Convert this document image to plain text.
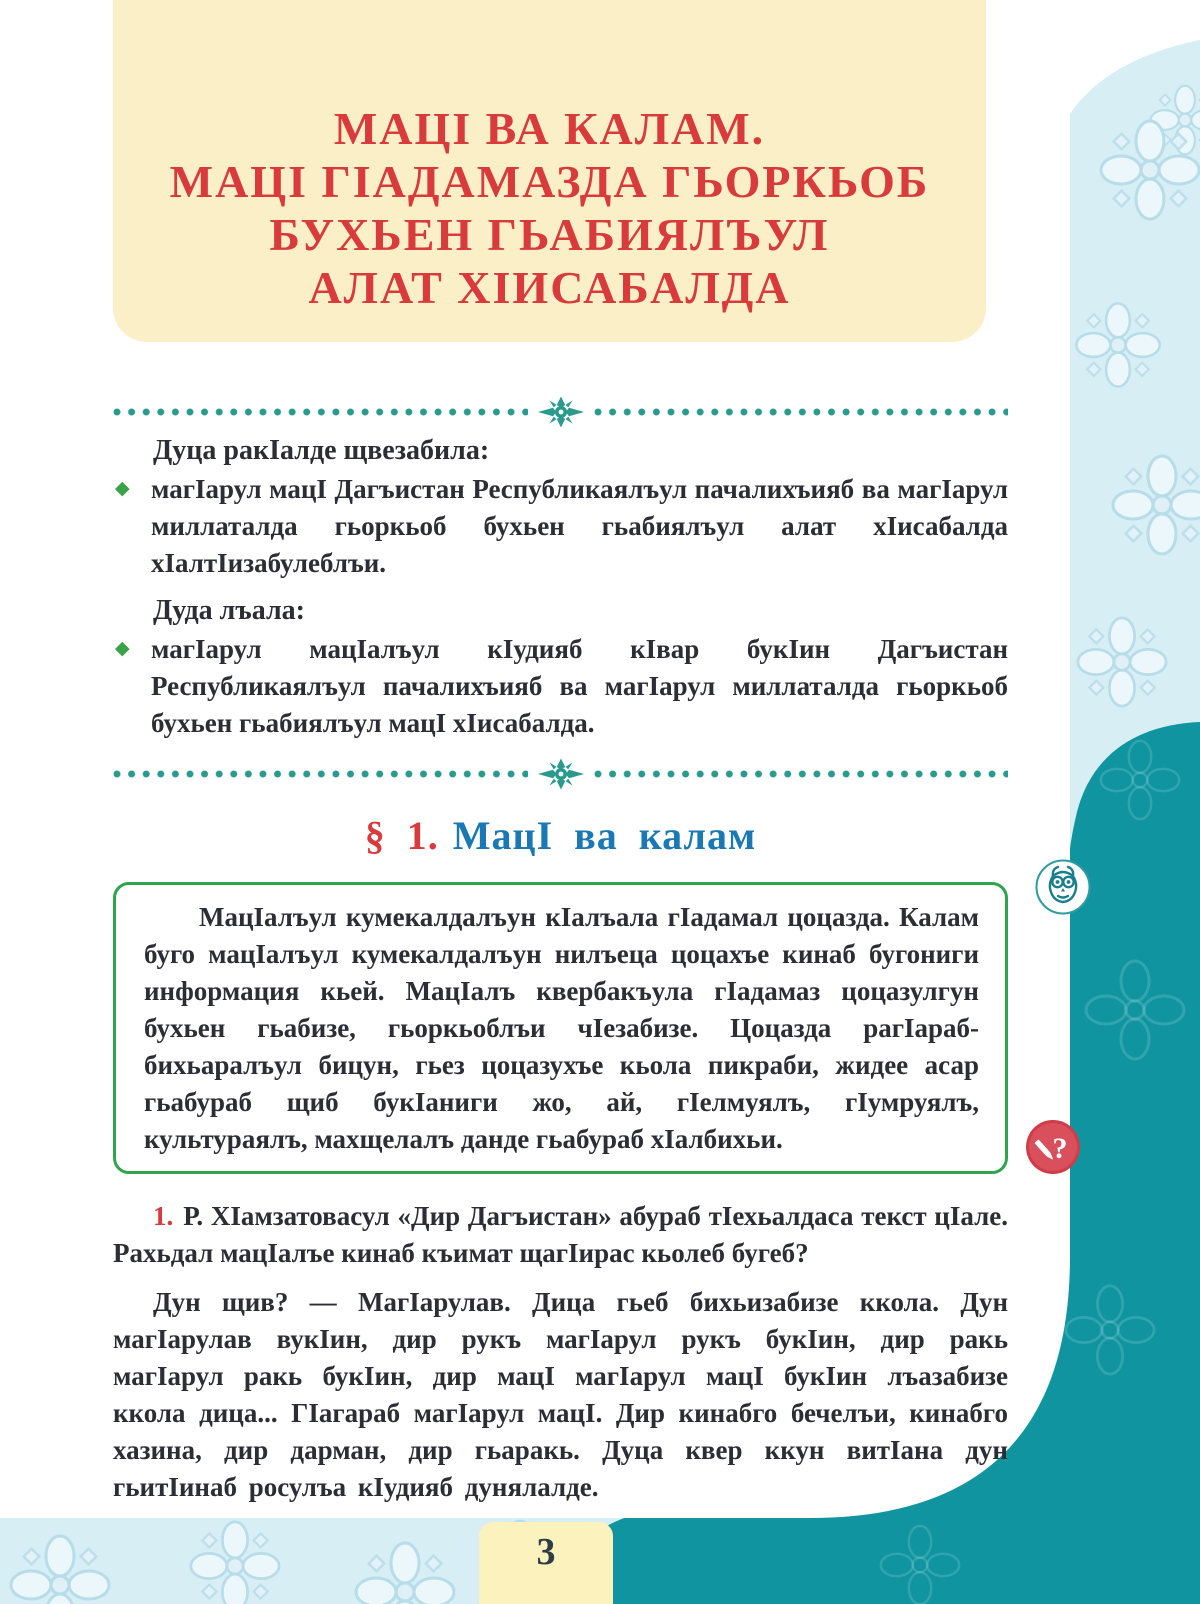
МАЦI ВА КАЛАМ.
МАЦI ГIАДАМАЗДА ГЬОРКЬОБ
БУХЬЕН ГЬАБИЯЛЪУЛ
АЛАТ ХIИСАБАЛДА
Дуца ракIалде щвезабила:
◆ магIарул мацI Дагъистан Республикаялъул пачалихъияб ва магIарул миллаталда гьоркьоб бухьен гьабиялъул алат хIисабалда хIалтIизабулеблъи.

Дуда лъала:
◆ магIарул мацIалъул кIудияб кIвар букIин Дагъистан Республикаялъул пачалихъияб ва магIарул миллаталда гьоркьоб бухьен гьабиялъул мацI хIисабалда.

§ 1. МацI ва калам

МацIалъул кумекалдалъун кIалъала гIадамал цоцазда. Калам буго мацIалъул кумекалдалъун нилъеца цоцахъе кинаб бугониги информация кьей. МацIалъ квербакъула гIадамаз цоцазулгун бухьен гьабизе, гьоркьоблъи чIезабизе. Цоцазда рагIараб-бихьаралъул бицун, гьез цоцазухъе кьола пикраби, жидее асар гьабураб щиб букIаниги жо, ай, гIелмуялъ, гIумруялъ, культураялъ, махщелалъ данде гьабураб хIалбихьи.

1. Р. ХIамзатовасул «Дир Дагъистан» абураб тIехьалдаса текст цIале. Рахьдал мацIалъе кинаб къимат щагIирас кьолеб бугеб?

Дун щив? — МагIарулав. Дица гьеб бихьизабизе ккола. Дун магIарулав вукIин, дир рукъ магIарул рукъ букIин, дир ракь магIарул ракь букIин, дир мацI магIарул мацI букIин лъазабизе ккола дица... ГIагараб магIарул мацI. Дир кинабго бечелъи, кинабго хазина, дир дарман, дир гьаракь. Дуца квер ккун витIана дун гьитIинаб росулъа кIудияб дунялалде.

?
3
